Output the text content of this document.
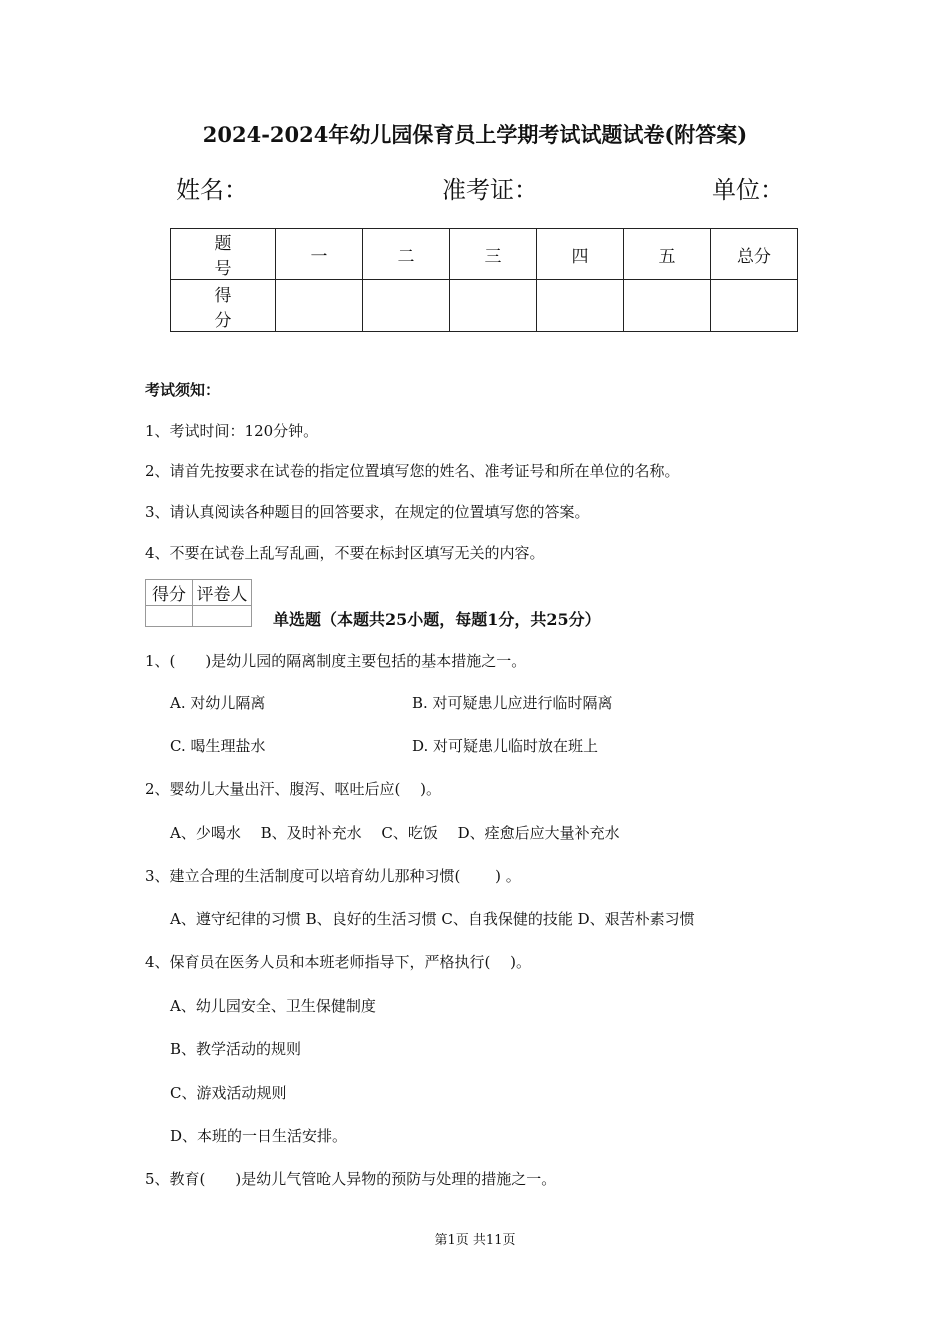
2024-2024年幼儿园保育员上学期考试试题试卷(附答案)
姓名：	准考证：	单位：
题 号	一	二	三	四	五	总分
得 分						
考试须知：
1、考试时间：120分钟。
2、请首先按要求在试卷的指定位置填写您的姓名、准考证号和所在单位的名称。
3、请认真阅读各种题目的回答要求，在规定的位置填写您的答案。
4、不要在试卷上乱写乱画，不要在标封区填写无关的内容。
得分	评卷人

单选题（本题共25小题，每题1分，共25分）
1、(　　)是幼儿园的隔离制度主要包括的基本措施之一。
A. 对幼儿隔离	B. 对可疑患儿应进行临时隔离
C. 喝生理盐水	D. 对可疑患儿临时放在班上
2、婴幼儿大量出汗、腹泻、呕吐后应(　 )。
A、少喝水　 B、及时补充水　 C、吃饭　 D、痊愈后应大量补充水
3、建立合理的生活制度可以培育幼儿那种习惯(　　 ) 。
A、遵守纪律的习惯 B、良好的生活习惯 C、自我保健的技能 D、艰苦朴素习惯
4、保育员在医务人员和本班老师指导下，严格执行(　 )。
A、幼儿园安全、卫生保健制度
B、教学活动的规则
C、游戏活动规则
D、本班的一日生活安排。
5、教育(　　)是幼儿气管呛人异物的预防与处理的措施之一。
第1页 共11页
